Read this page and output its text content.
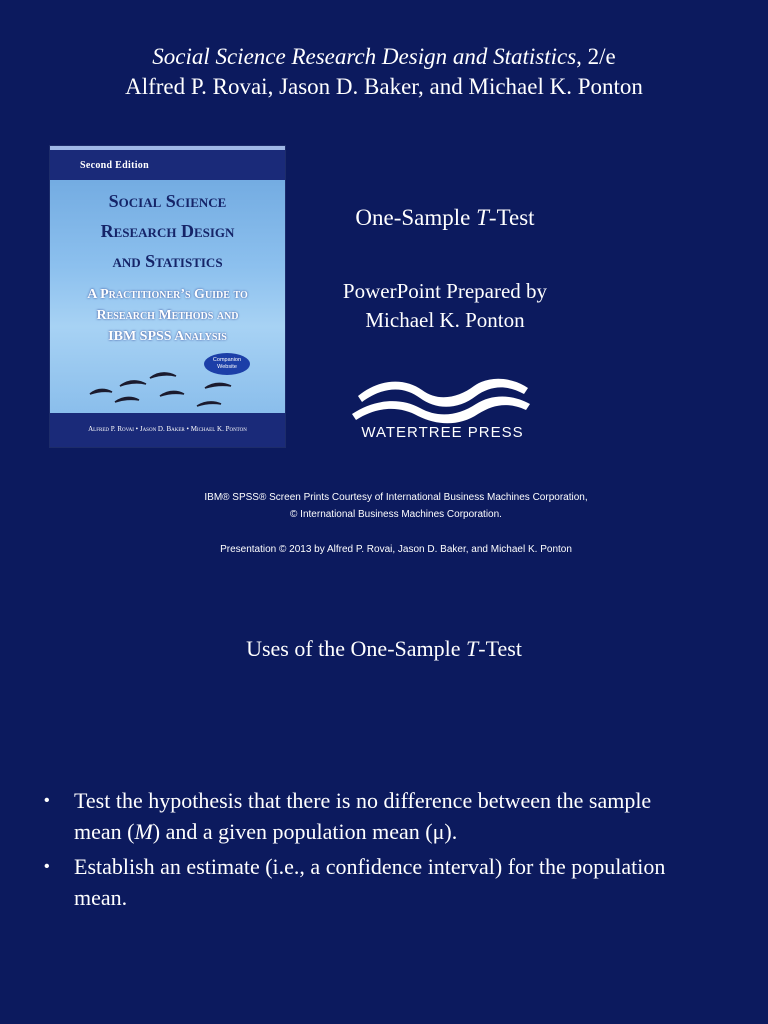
Social Science Research Design and Statistics, 2/e
Alfred P. Rovai, Jason D. Baker, and Michael K. Ponton
Second Edition
Social Science
Research Design
and Statistics
A Practitioner’s Guide to
Research Methods and
IBM SPSS Analysis
Companion
Website
Alfred P. Rovai • Jason D. Baker • Michael K. Ponton
One-Sample T-Test
PowerPoint Prepared by
Michael K. Ponton
WATERTREE PRESS
IBM® SPSS® Screen Prints Courtesy of International Business Machines Corporation,
© International Business Machines Corporation.
Presentation © 2013 by Alfred P. Rovai, Jason D. Baker, and Michael K. Ponton
Uses of the One-Sample T-Test
• Test the hypothesis that there is no difference between the sample mean (M) and a given population mean (μ).
• Establish an estimate (i.e., a confidence interval) for the population mean.
